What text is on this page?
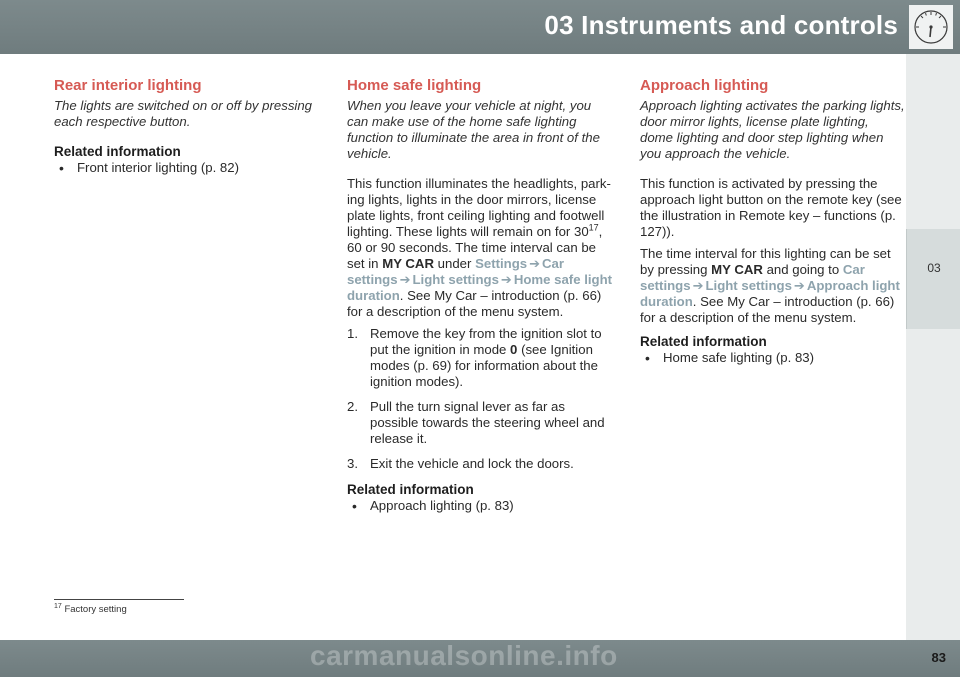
03 Instruments and controls
03
Rear interior lighting
The lights are switched on or off by pressing each respective button.
Related information
• Front interior lighting (p. 82)
Home safe lighting
When you leave your vehicle at night, you can make use of the home safe lighting function to illuminate the area in front of the vehicle.

This function illuminates the headlights, park-ing lights, lights in the door mirrors, license plate lights, front ceiling lighting and footwell lighting. These lights will remain on for $30^{17}$, 60 or 90 seconds. The time interval can be set in MY CAR under Settings ➔ Car settings ➔ Light settings ➔ Home safe light duration. See My Car – introduction (p. 66) for a description of the menu system.

1. Remove the key from the ignition slot to put the ignition in mode 0 (see Ignition modes (p. 69) for information about the ignition modes).
2. Pull the turn signal lever as far as possible towards the steering wheel and release it.
3. Exit the vehicle and lock the doors.
Related information
• Approach lighting (p. 83)
Approach lighting
Approach lighting activates the parking lights, door mirror lights, license plate lighting, dome lighting and door step lighting when you approach the vehicle.

This function is activated by pressing the approach light button on the remote key (see the illustration in Remote key – functions (p. 127)).

The time interval for this lighting can be set by pressing MY CAR and going to Car settings ➔ Light settings ➔ Approach light duration. See My Car – introduction (p. 66) for a description of the menu system.

Related information
• Home safe lighting (p. 83)
$^{17}$ Factory setting
83
carmanualsonline.info
